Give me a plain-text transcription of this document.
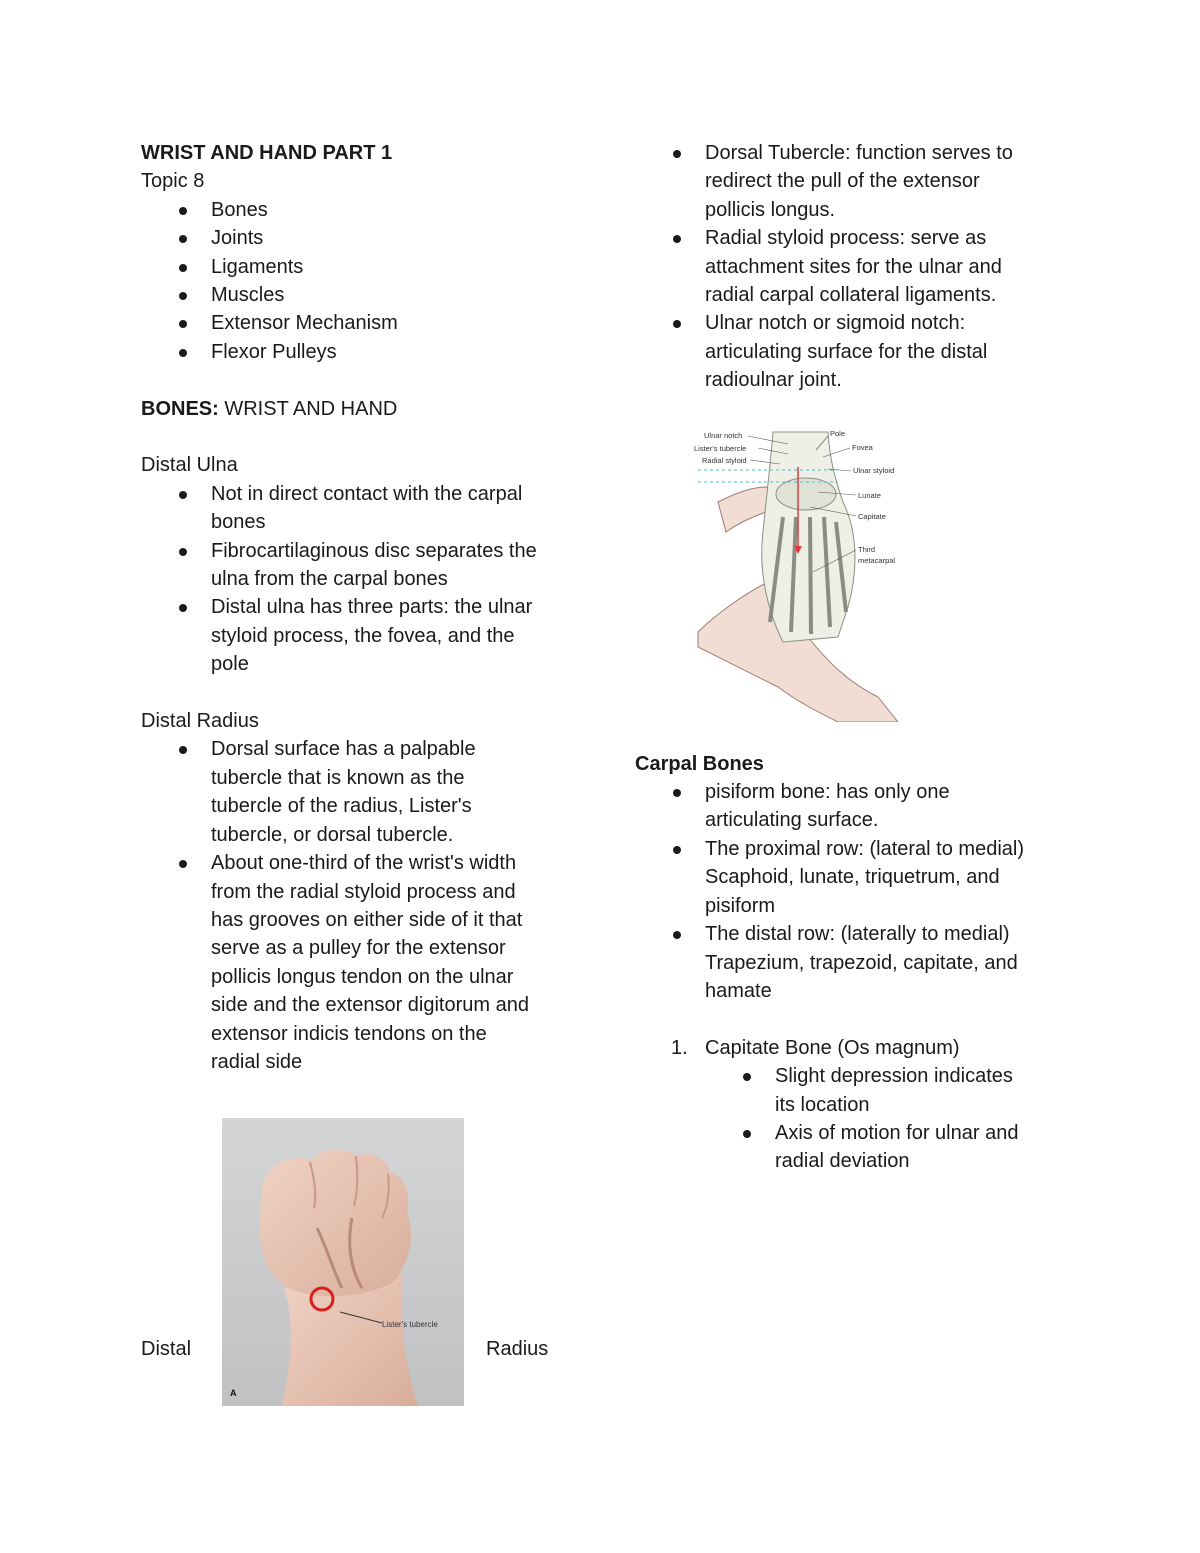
WRIST AND HAND PART 1
Topic 8
Bones
Joints
Ligaments
Muscles
Extensor Mechanism
Flexor Pulleys
BONES: WRIST AND HAND
Distal Ulna
Not in direct contact with the carpal
bones
Fibrocartilaginous disc separates the
ulna from the carpal bones
Distal ulna has three parts: the ulnar
styloid process, the fovea, and the
pole
Distal Radius
Dorsal surface has a palpable
tubercle that is known as the
tubercle of the radius, Lister's
tubercle, or dorsal tubercle.
About one-third of the wrist's width
from the radial styloid process and
has grooves on either side of it that
serve as a pulley for the extensor
pollicis longus tendon on the ulnar
side and the extensor digitorum and
extensor indicis tendons on the
radial side
Lister's tubercle
A
Distal	Radius
Dorsal Tubercle: function serves to
redirect the pull of the extensor
pollicis longus.
Radial styloid process: serve as
attachment sites for the ulnar and
radial carpal collateral ligaments.
Ulnar notch or sigmoid notch:
articulating surface for the distal
radioulnar joint.
Carpal Bones
pisiform bone: has only one
articulating surface.
The proximal row: (lateral to medial)
Scaphoid, lunate, triquetrum, and
pisiform
The distal row: (laterally to medial)
Trapezium, trapezoid, capitate, and
hamate
1. Capitate Bone (Os magnum)
Slight depression indicates
its location
Axis of motion for ulnar and
radial deviation
Ulnar notch
Lister's tubercle
Radial styloid
Pole
Fovea
Ulnar styloid
Lunate
Capitate
Third
metacarpal
